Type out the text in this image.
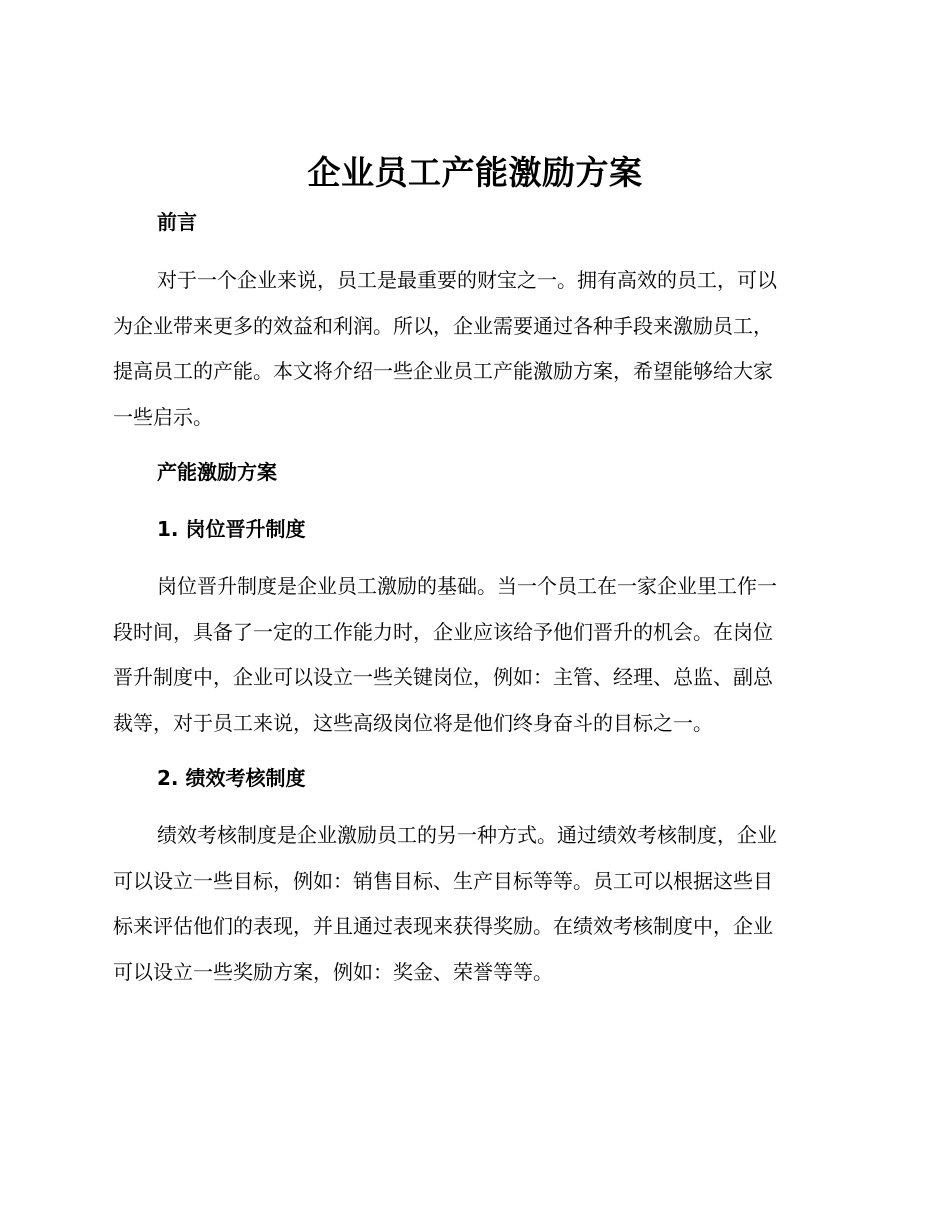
企业员工产能激励方案
前言
对于一个企业来说，员工是最重要的财宝之一。拥有高效的员工，可以
为企业带来更多的效益和利润。所以，企业需要通过各种手段来激励员工，
提高员工的产能。本文将介绍一些企业员工产能激励方案，希望能够给大家
一些启示。
产能激励方案
1. 岗位晋升制度
岗位晋升制度是企业员工激励的基础。当一个员工在一家企业里工作一
段时间，具备了一定的工作能力时，企业应该给予他们晋升的机会。在岗位
晋升制度中，企业可以设立一些关键岗位，例如：主管、经理、总监、副总
裁等，对于员工来说，这些高级岗位将是他们终身奋斗的目标之一。
2. 绩效考核制度
绩效考核制度是企业激励员工的另一种方式。通过绩效考核制度，企业
可以设立一些目标，例如：销售目标、生产目标等等。员工可以根据这些目
标来评估他们的表现，并且通过表现来获得奖励。在绩效考核制度中，企业
可以设立一些奖励方案，例如：奖金、荣誉等等。
